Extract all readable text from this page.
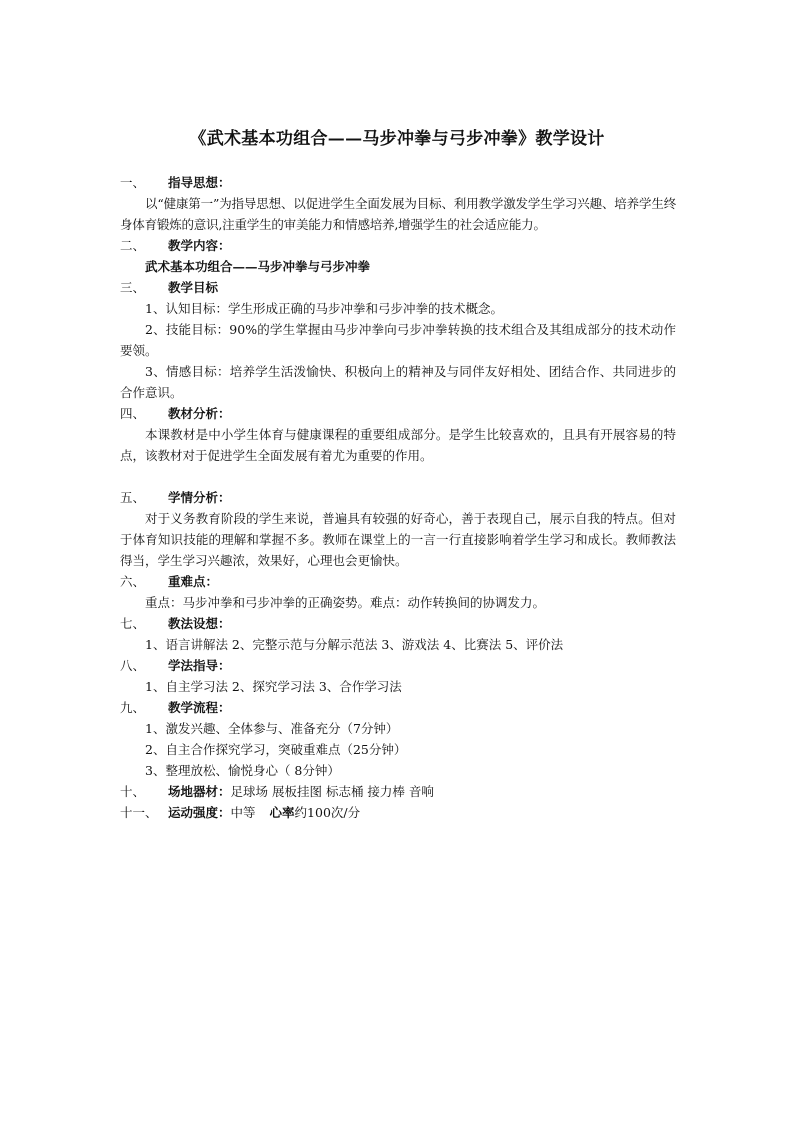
《武术基本功组合——马步冲拳与弓步冲拳》教学设计
一、 指导思想：
以“健康第一”为指导思想、以促进学生全面发展为目标、利用教学激发学生学习兴趣、培养学生终身体育锻炼的意识,注重学生的审美能力和情感培养,增强学生的社会适应能力。
二、 教学内容：
武术基本功组合——马步冲拳与弓步冲拳
三、 教学目标
1、认知目标：学生形成正确的马步冲拳和弓步冲拳的技术概念。
2、技能目标：90%的学生掌握由马步冲拳向弓步冲拳转换的技术组合及其组成部分的技术动作要领。
3、情感目标：培养学生活泼愉快、积极向上的精神及与同伴友好相处、团结合作、共同进步的合作意识。
四、 教材分析：
本课教材是中小学生体育与健康课程的重要组成部分。是学生比较喜欢的，且具有开展容易的特点，该教材对于促进学生全面发展有着尤为重要的作用。
五、 学情分析：
对于义务教育阶段的学生来说，普遍具有较强的好奇心，善于表现自己，展示自我的特点。但对于体育知识技能的理解和掌握不多。教师在课堂上的一言一行直接影响着学生学习和成长。教师教法得当，学生学习兴趣浓，效果好，心理也会更愉快。
六、 重难点：
重点：马步冲拳和弓步冲拳的正确姿势。难点：动作转换间的协调发力。
七、 教法设想：
1、语言讲解法 2、完整示范与分解示范法 3、游戏法 4、比赛法 5、评价法
八、 学法指导：
1、自主学习法 2、探究学习法 3、合作学习法
九、 教学流程：
1、激发兴趣、全体参与、准备充分（7分钟）
2、自主合作探究学习，突破重难点（25分钟）
3、整理放松、愉悦身心（ 8分钟）
十、 场地器材：足球场 展板挂图 标志桶 接力棒 音响
十一、 运动强度：中等 心率约100次/分
